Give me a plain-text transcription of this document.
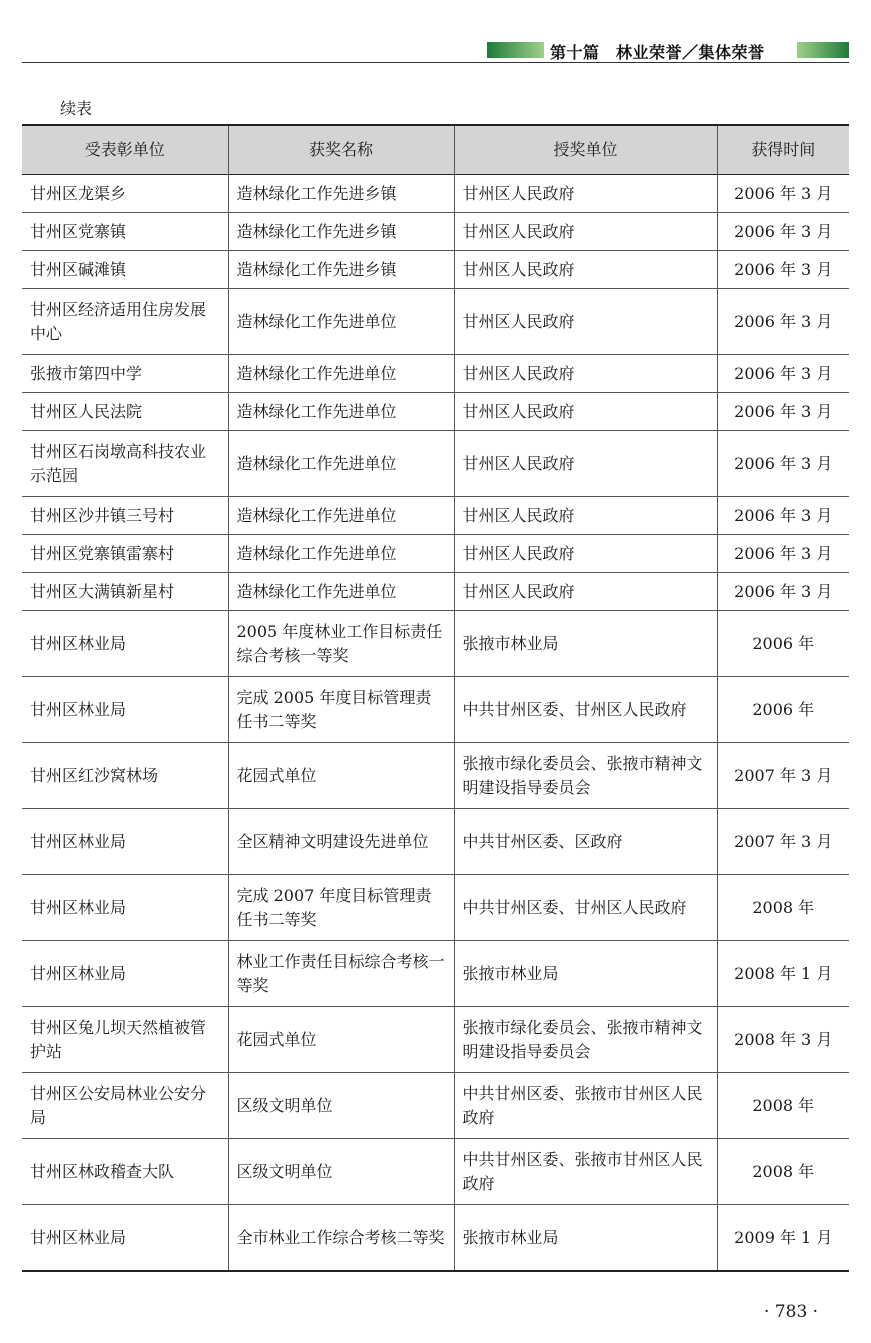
第十篇　林业荣誉／集体荣誉
续表
受表彰单位	获奖名称	授奖单位	获得时间
甘州区龙渠乡	造林绿化工作先进乡镇	甘州区人民政府	2006 年 3 月
甘州区党寨镇	造林绿化工作先进乡镇	甘州区人民政府	2006 年 3 月
甘州区碱滩镇	造林绿化工作先进乡镇	甘州区人民政府	2006 年 3 月
甘州区经济适用住房发展中心	造林绿化工作先进单位	甘州区人民政府	2006 年 3 月
张掖市第四中学	造林绿化工作先进单位	甘州区人民政府	2006 年 3 月
甘州区人民法院	造林绿化工作先进单位	甘州区人民政府	2006 年 3 月
甘州区石岗墩高科技农业示范园	造林绿化工作先进单位	甘州区人民政府	2006 年 3 月
甘州区沙井镇三号村	造林绿化工作先进单位	甘州区人民政府	2006 年 3 月
甘州区党寨镇雷寨村	造林绿化工作先进单位	甘州区人民政府	2006 年 3 月
甘州区大满镇新星村	造林绿化工作先进单位	甘州区人民政府	2006 年 3 月
甘州区林业局	2005 年度林业工作目标责任综合考核一等奖	张掖市林业局	2006 年
甘州区林业局	完成 2005 年度目标管理责任书二等奖	中共甘州区委、甘州区人民政府	2006 年
甘州区红沙窝林场	花园式单位	张掖市绿化委员会、张掖市精神文明建设指导委员会	2007 年 3 月
甘州区林业局	全区精神文明建设先进单位	中共甘州区委、区政府	2007 年 3 月
甘州区林业局	完成 2007 年度目标管理责任书二等奖	中共甘州区委、甘州区人民政府	2008 年
甘州区林业局	林业工作责任目标综合考核一等奖	张掖市林业局	2008 年 1 月
甘州区兔儿坝天然植被管护站	花园式单位	张掖市绿化委员会、张掖市精神文明建设指导委员会	2008 年 3 月
甘州区公安局林业公安分局	区级文明单位	中共甘州区委、张掖市甘州区人民政府	2008 年
甘州区林政稽查大队	区级文明单位	中共甘州区委、张掖市甘州区人民政府	2008 年
甘州区林业局	全市林业工作综合考核二等奖	张掖市林业局	2009 年 1 月
· 783 ·
